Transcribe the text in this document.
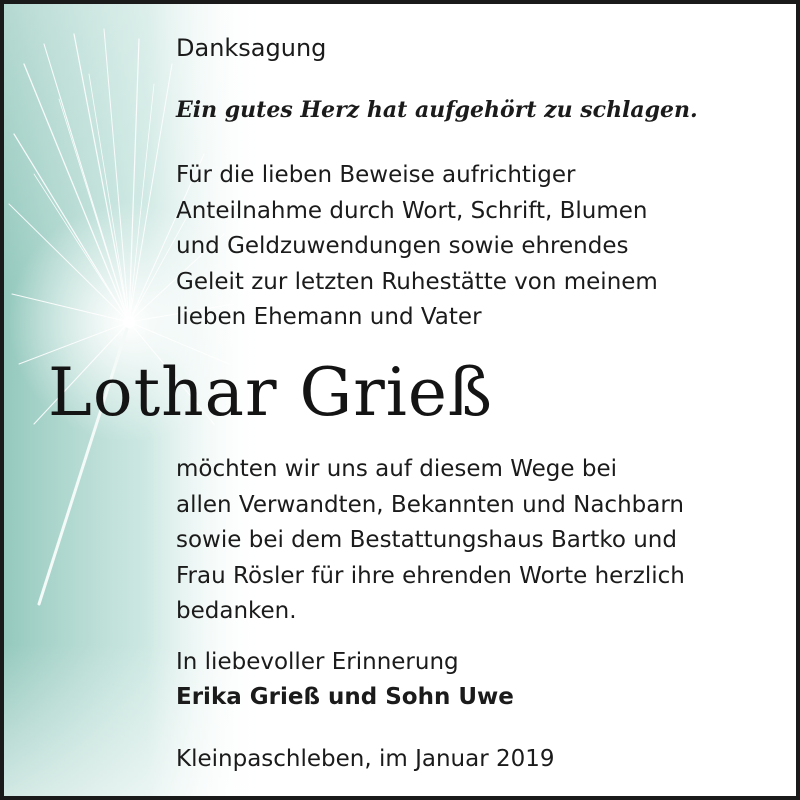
Danksagung

Ein gutes Herz hat aufgehört zu schlagen.

Für die lieben Beweise aufrichtiger
Anteilnahme durch Wort, Schrift, Blumen
und Geldzuwendungen sowie ehrendes
Geleit zur letzten Ruhestätte von meinem
lieben Ehemann und Vater

Lothar Grieß

möchten wir uns auf diesem Wege bei
allen Verwandten, Bekannten und Nachbarn
sowie bei dem Bestattungshaus Bartko und
Frau Rösler für ihre ehrenden Worte herzlich
bedanken.

In liebevoller Erinnerung

Erika Grieß und Sohn Uwe

Kleinpaschleben, im Januar 2019
